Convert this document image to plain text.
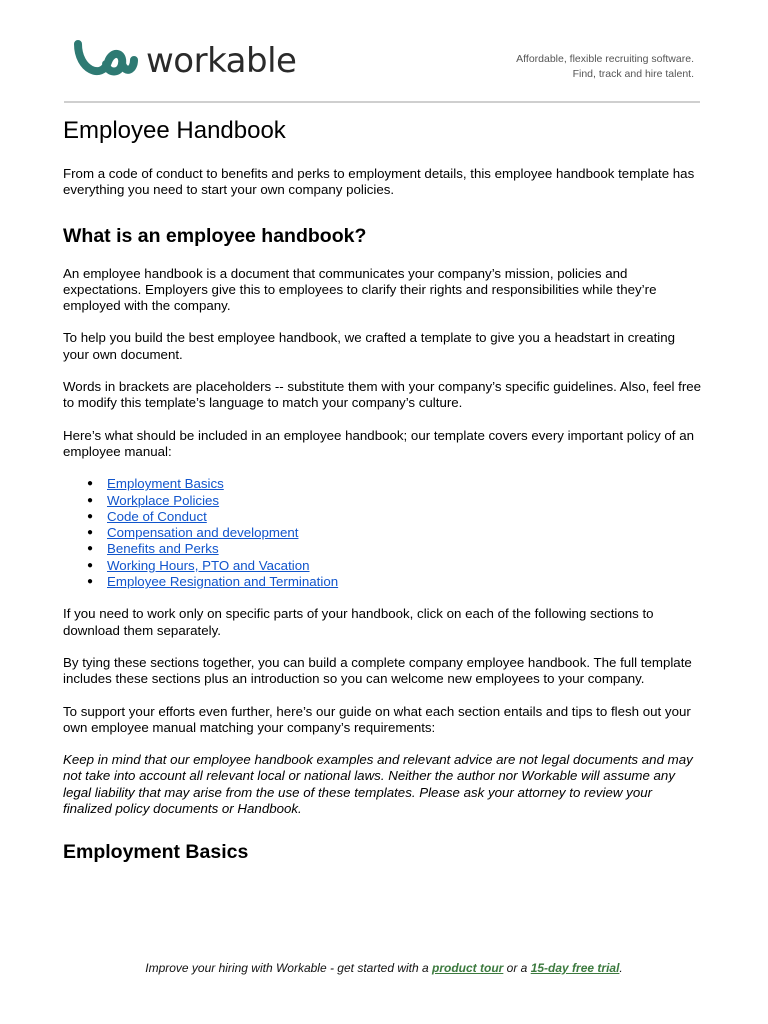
workable	Affordable, flexible recruiting software.
Find, track and hire talent.
Employee Handbook

From a code of conduct to benefits and perks to employment details, this employee handbook template has everything you need to start your own company policies.

What is an employee handbook?

An employee handbook is a document that communicates your company’s mission, policies and expectations. Employers give this to employees to clarify their rights and responsibilities while they’re employed with the company.

To help you build the best employee handbook, we crafted a template to give you a headstart in creating your own document.

Words in brackets are placeholders -- substitute them with your company’s specific guidelines. Also, feel free to modify this template’s language to match your company’s culture.

Here’s what should be included in an employee handbook; our template covers every important policy of an employee manual:

● Employment Basics
● Workplace Policies
● Code of Conduct
● Compensation and development
● Benefits and Perks
● Working Hours, PTO and Vacation
● Employee Resignation and Termination

If you need to work only on specific parts of your handbook, click on each of the following sections to download them separately.

By tying these sections together, you can build a complete company employee handbook. The full template includes these sections plus an introduction so you can welcome new employees to your company.

To support your efforts even further, here’s our guide on what each section entails and tips to flesh out your own employee manual matching your company’s requirements:

Keep in mind that our employee handbook examples and relevant advice are not legal documents and may not take into account all relevant local or national laws. Neither the author nor Workable will assume any legal liability that may arise from the use of these templates. Please ask your attorney to review your finalized policy documents or Handbook.

Employment Basics
Improve your hiring with Workable - get started with a product tour or a 15-day free trial.
